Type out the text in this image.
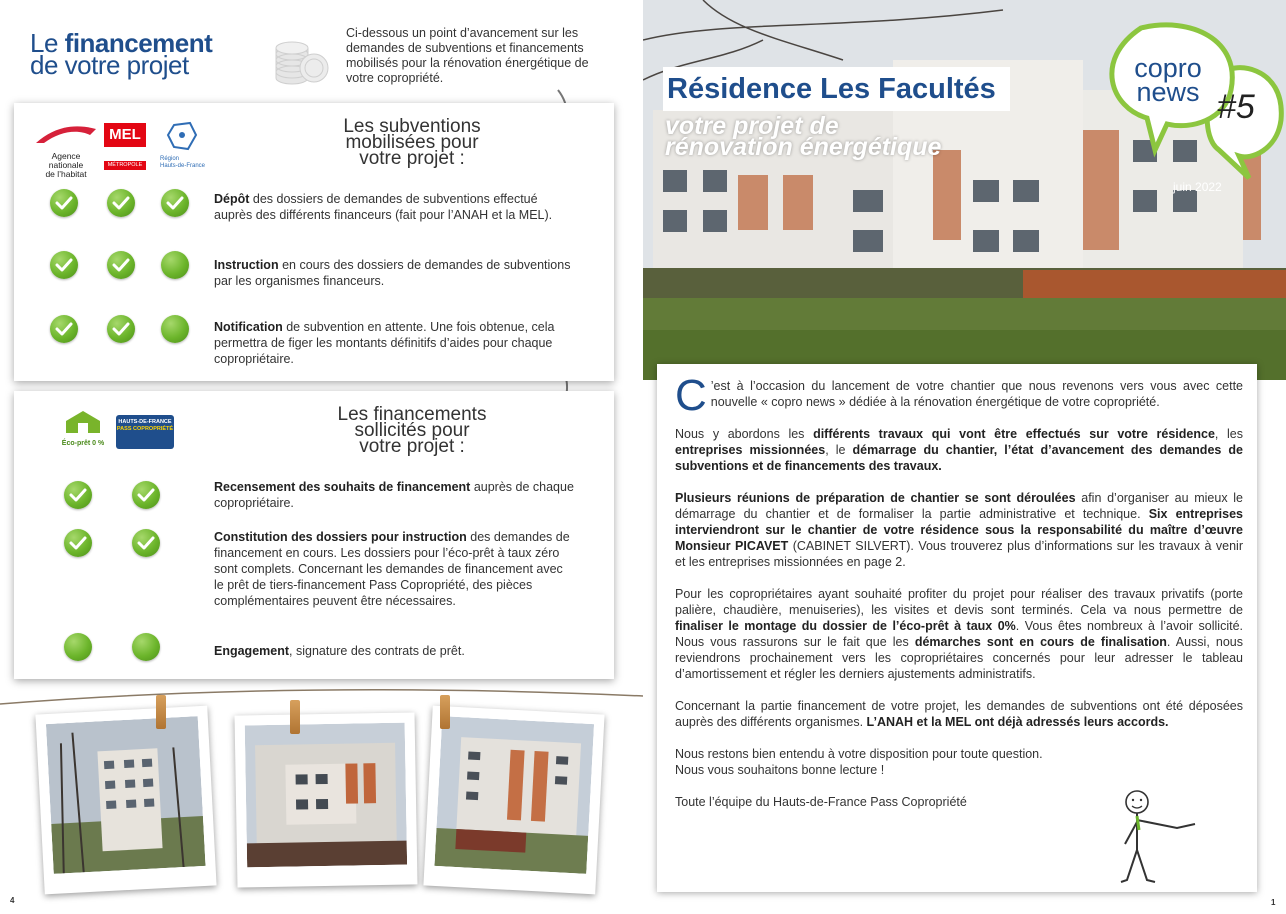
Le financement
de votre projet
Ci-dessous un point d’avancement sur les demandes de subventions et financements mobilisés pour la rénovation énergétique de votre copropriété.
Agence
nationale
de l’habitat
MEL
MÉTROPOLE
Région
Hauts-de-France
Les subventions
mobilisées pour
votre projet :
Dépôt des dossiers de demandes de subventions effectué auprès des différents financeurs (fait pour l’ANAH et la MEL).
Instruction en cours des dossiers de demandes de subventions par les organismes financeurs.
Notification de subvention en attente. Une fois obtenue, cela permettra de figer les montants définitifs d’aides pour chaque copropriétaire.
Éco-prêt 0 %
HAUTS-DE-FRANCE
PASS COPROPRIÉTÉ
Les financements
sollicités pour
votre projet :
Recensement des souhaits de financement auprès de chaque copropriétaire.
Constitution des dossiers pour instruction des demandes de financement en cours. Les dossiers pour l’éco-prêt à taux zéro sont complets. Concernant les demandes de financement avec le prêt de tiers-financement Pass Copropriété, des pièces complémentaires peuvent être nécessaires.
Engagement, signature des contrats de prêt.
4
Résidence Les Facultés
votre projet de
rénovation énergétique
juin 2022
copro
news #5

C ’est à l’occasion du lancement de votre chantier que nous revenons vers vous avec cette nouvelle « copro news » dédiée à la rénovation énergétique de votre copropriété.

Nous y abordons les différents travaux qui vont être effectués sur votre résidence, les entreprises missionnées, le démarrage du chantier, l’état d’avancement des demandes de subventions et de financements des travaux.

Plusieurs réunions de préparation de chantier se sont déroulées afin d’organiser au mieux le démarrage du chantier et de formaliser la partie administrative et technique. Six entreprises interviendront sur le chantier de votre résidence sous la responsabilité du maître d’œuvre Monsieur PICAVET (CABINET SILVERT). Vous trouverez plus d’informations sur les travaux à venir et les entreprises missionnées en page 2.

Pour les copropriétaires ayant souhaité profiter du projet pour réaliser des travaux privatifs (porte palière, chaudière, menuiseries), les visites et devis sont terminés. Cela va nous permettre de finaliser le montage du dossier de l’éco-prêt à taux 0%. Vous êtes nombreux à l’avoir sollicité. Nous vous rassurons sur le fait que les démarches sont en cours de finalisation. Aussi, nous reviendrons prochainement vers les copropriétaires concernés pour leur adresser le tableau d’amortissement et régler les derniers ajustements administratifs.

Concernant la partie financement de votre projet, les demandes de subventions ont été déposées auprès des différents organismes. L’ANAH et la MEL ont déjà adressés leurs accords.

Nous restons bien entendu à votre disposition pour toute question.
Nous vous souhaitons bonne lecture !

Toute l’équipe du Hauts-de-France Pass Copropriété

1
